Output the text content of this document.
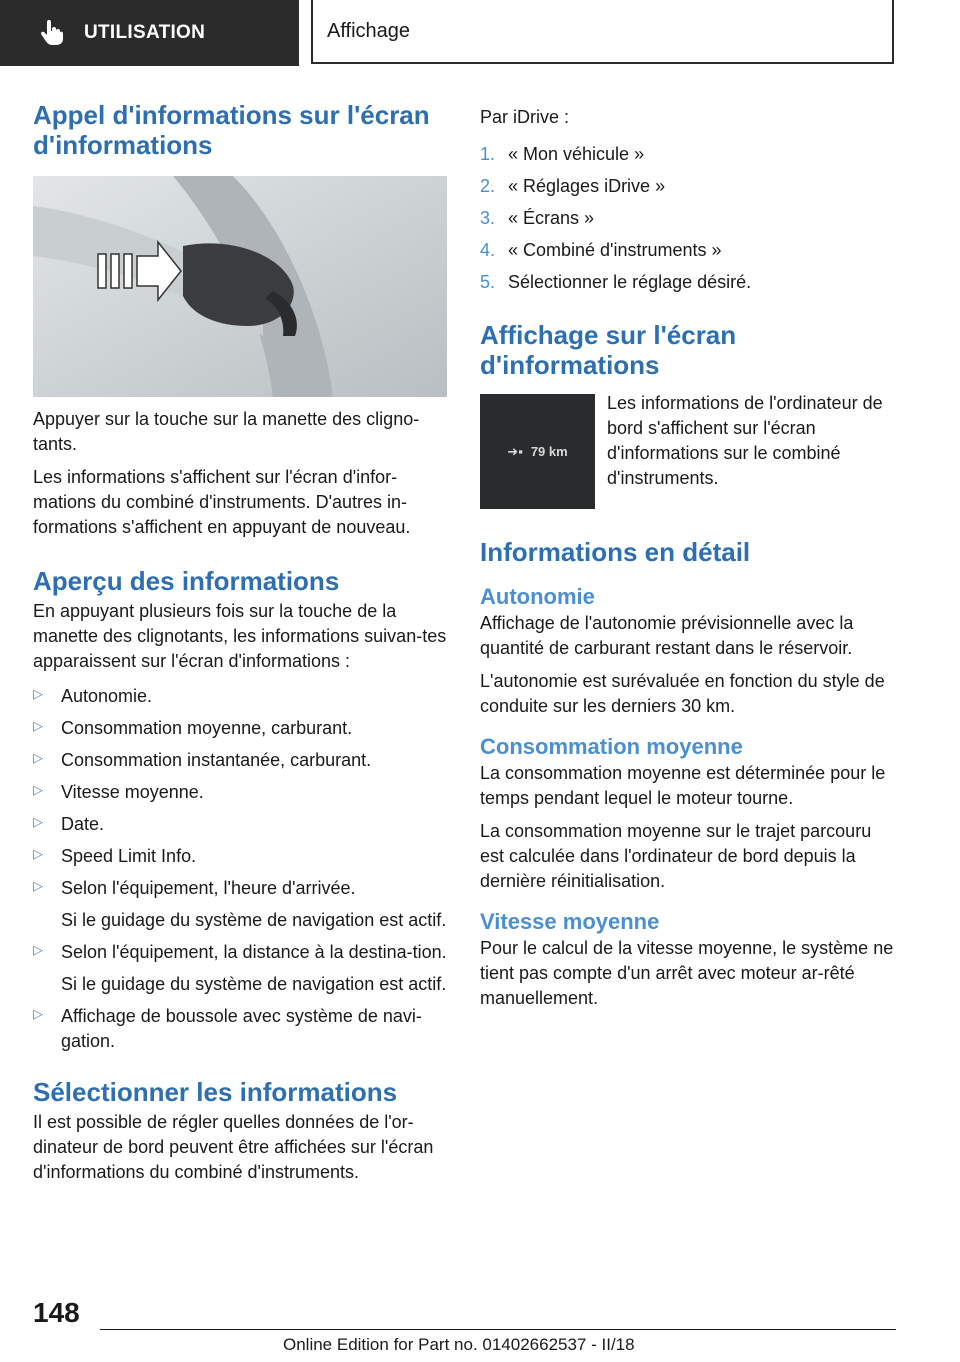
UTILISATION	Affichage
Appel d'informations sur l'écran d'informations

Appuyer sur la touche sur la manette des cligno-tants.

Les informations s'affichent sur l'écran d'infor-mations du combiné d'instruments. D'autres in-formations s'affichent en appuyant de nouveau.

Aperçu des informations

En appuyant plusieurs fois sur la touche de la manette des clignotants, les informations suivan-tes apparaissent sur l'écran d'informations :

▷ Autonomie.

▷ Consommation moyenne, carburant.

▷ Consommation instantanée, carburant.

▷ Vitesse moyenne.

▷ Date.

▷ Speed Limit Info.

▷ Selon l'équipement, l'heure d'arrivée.

Si le guidage du système de navigation est actif.

▷ Selon l'équipement, la distance à la destina-tion.

Si le guidage du système de navigation est actif.

▷ Affichage de boussole avec système de navi-gation.

Sélectionner les informations

Il est possible de régler quelles données de l'or-dinateur de bord peuvent être affichées sur l'écran d'informations du combiné d'instruments.

Par iDrive :

1. « Mon véhicule »

2. « Réglages iDrive »

3. « Écrans »

4. « Combiné d'instruments »

5. Sélectionner le réglage désiré.

Affichage sur l'écran d'informations
➜▪ 79 km

Les informations de l'ordinateur de bord s'affichent sur l'écran d'informations sur le combiné d'instruments.

Informations en détail
Autonomie

Affichage de l'autonomie prévisionnelle avec la quantité de carburant restant dans le réservoir.

L'autonomie est surévaluée en fonction du style de conduite sur les derniers 30 km.

Consommation moyenne

La consommation moyenne est déterminée pour le temps pendant lequel le moteur tourne.

La consommation moyenne sur le trajet parcouru est calculée dans l'ordinateur de bord depuis la dernière réinitialisation.

Vitesse moyenne

Pour le calcul de la vitesse moyenne, le système ne tient pas compte d'un arrêt avec moteur ar-rêté manuellement.

148
Online Edition for Part no. 01402662537 - II/18
